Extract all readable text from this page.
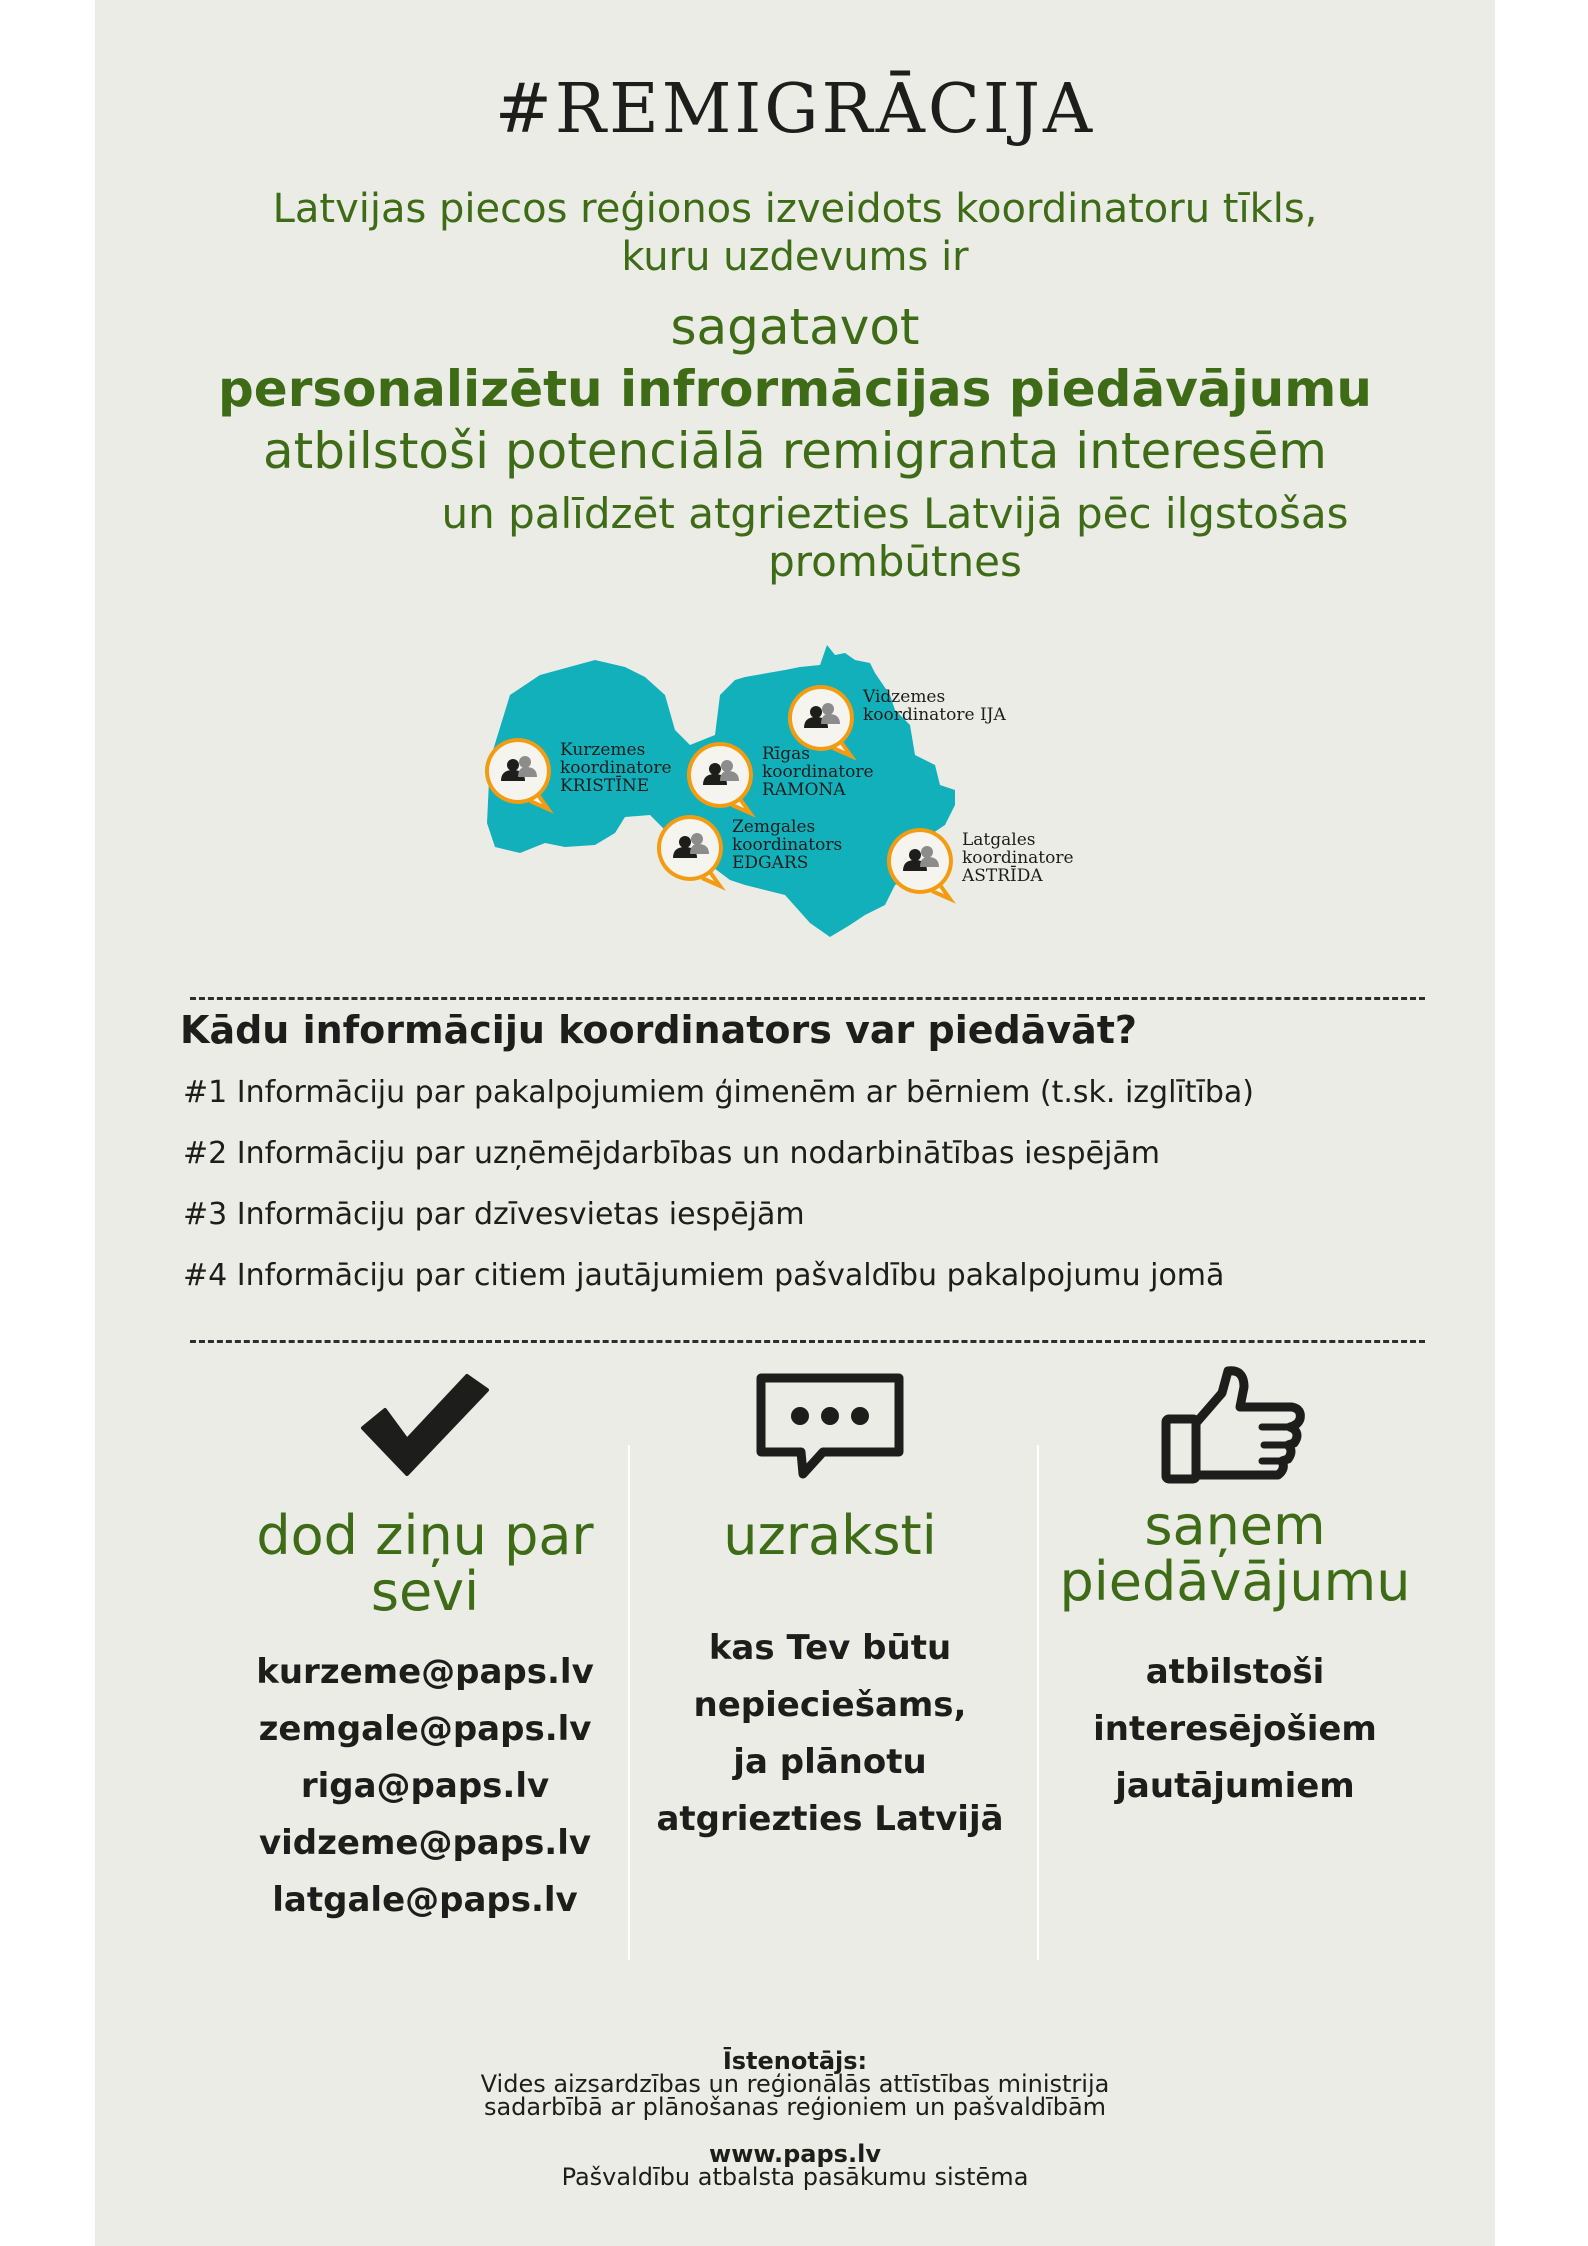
#REMIGRĀCIJA
Latvijas piecos reģionos izveidots koordinatoru tīkls,
kuru uzdevums ir
sagatavot
personalizētu infrormācijas piedāvājumu
atbilstoši potenciālā remigranta interesēm
un palīdzēt atgriezties Latvijā pēc ilgstošas
prombūtnes
Kurzemes
koordinatore
KRISTĪNE
Rīgas
koordinatore
RAMONA
Vidzemes
koordinatore IJA
Zemgales
koordinators
EDGARS
Latgales
koordinatore
ASTRĪDA
Kādu informāciju koordinators var piedāvāt?
#1 Informāciju par pakalpojumiem ģimenēm ar bērniem (t.sk. izglītība)
#2 Informāciju par uzņēmējdarbības un nodarbinātības iespējām
#3 Informāciju par dzīvesvietas iespējām
#4 Informāciju par citiem jautājumiem pašvaldību pakalpojumu jomā
dod ziņu par
sevi
kurzeme@paps.lv
zemgale@paps.lv
riga@paps.lv
vidzeme@paps.lv
latgale@paps.lv
uzraksti
kas Tev būtu
nepieciešams,
ja plānotu
atgriezties Latvijā
saņem
piedāvājumu
atbilstoši
interesējošiem
jautājumiem
Īstenotājs:
Vides aizsardzības un reģionālās attīstības ministrija
sadarbībā ar plānošanas reģioniem un pašvaldībām
www.paps.lv
Pašvaldību atbalsta pasākumu sistēma
